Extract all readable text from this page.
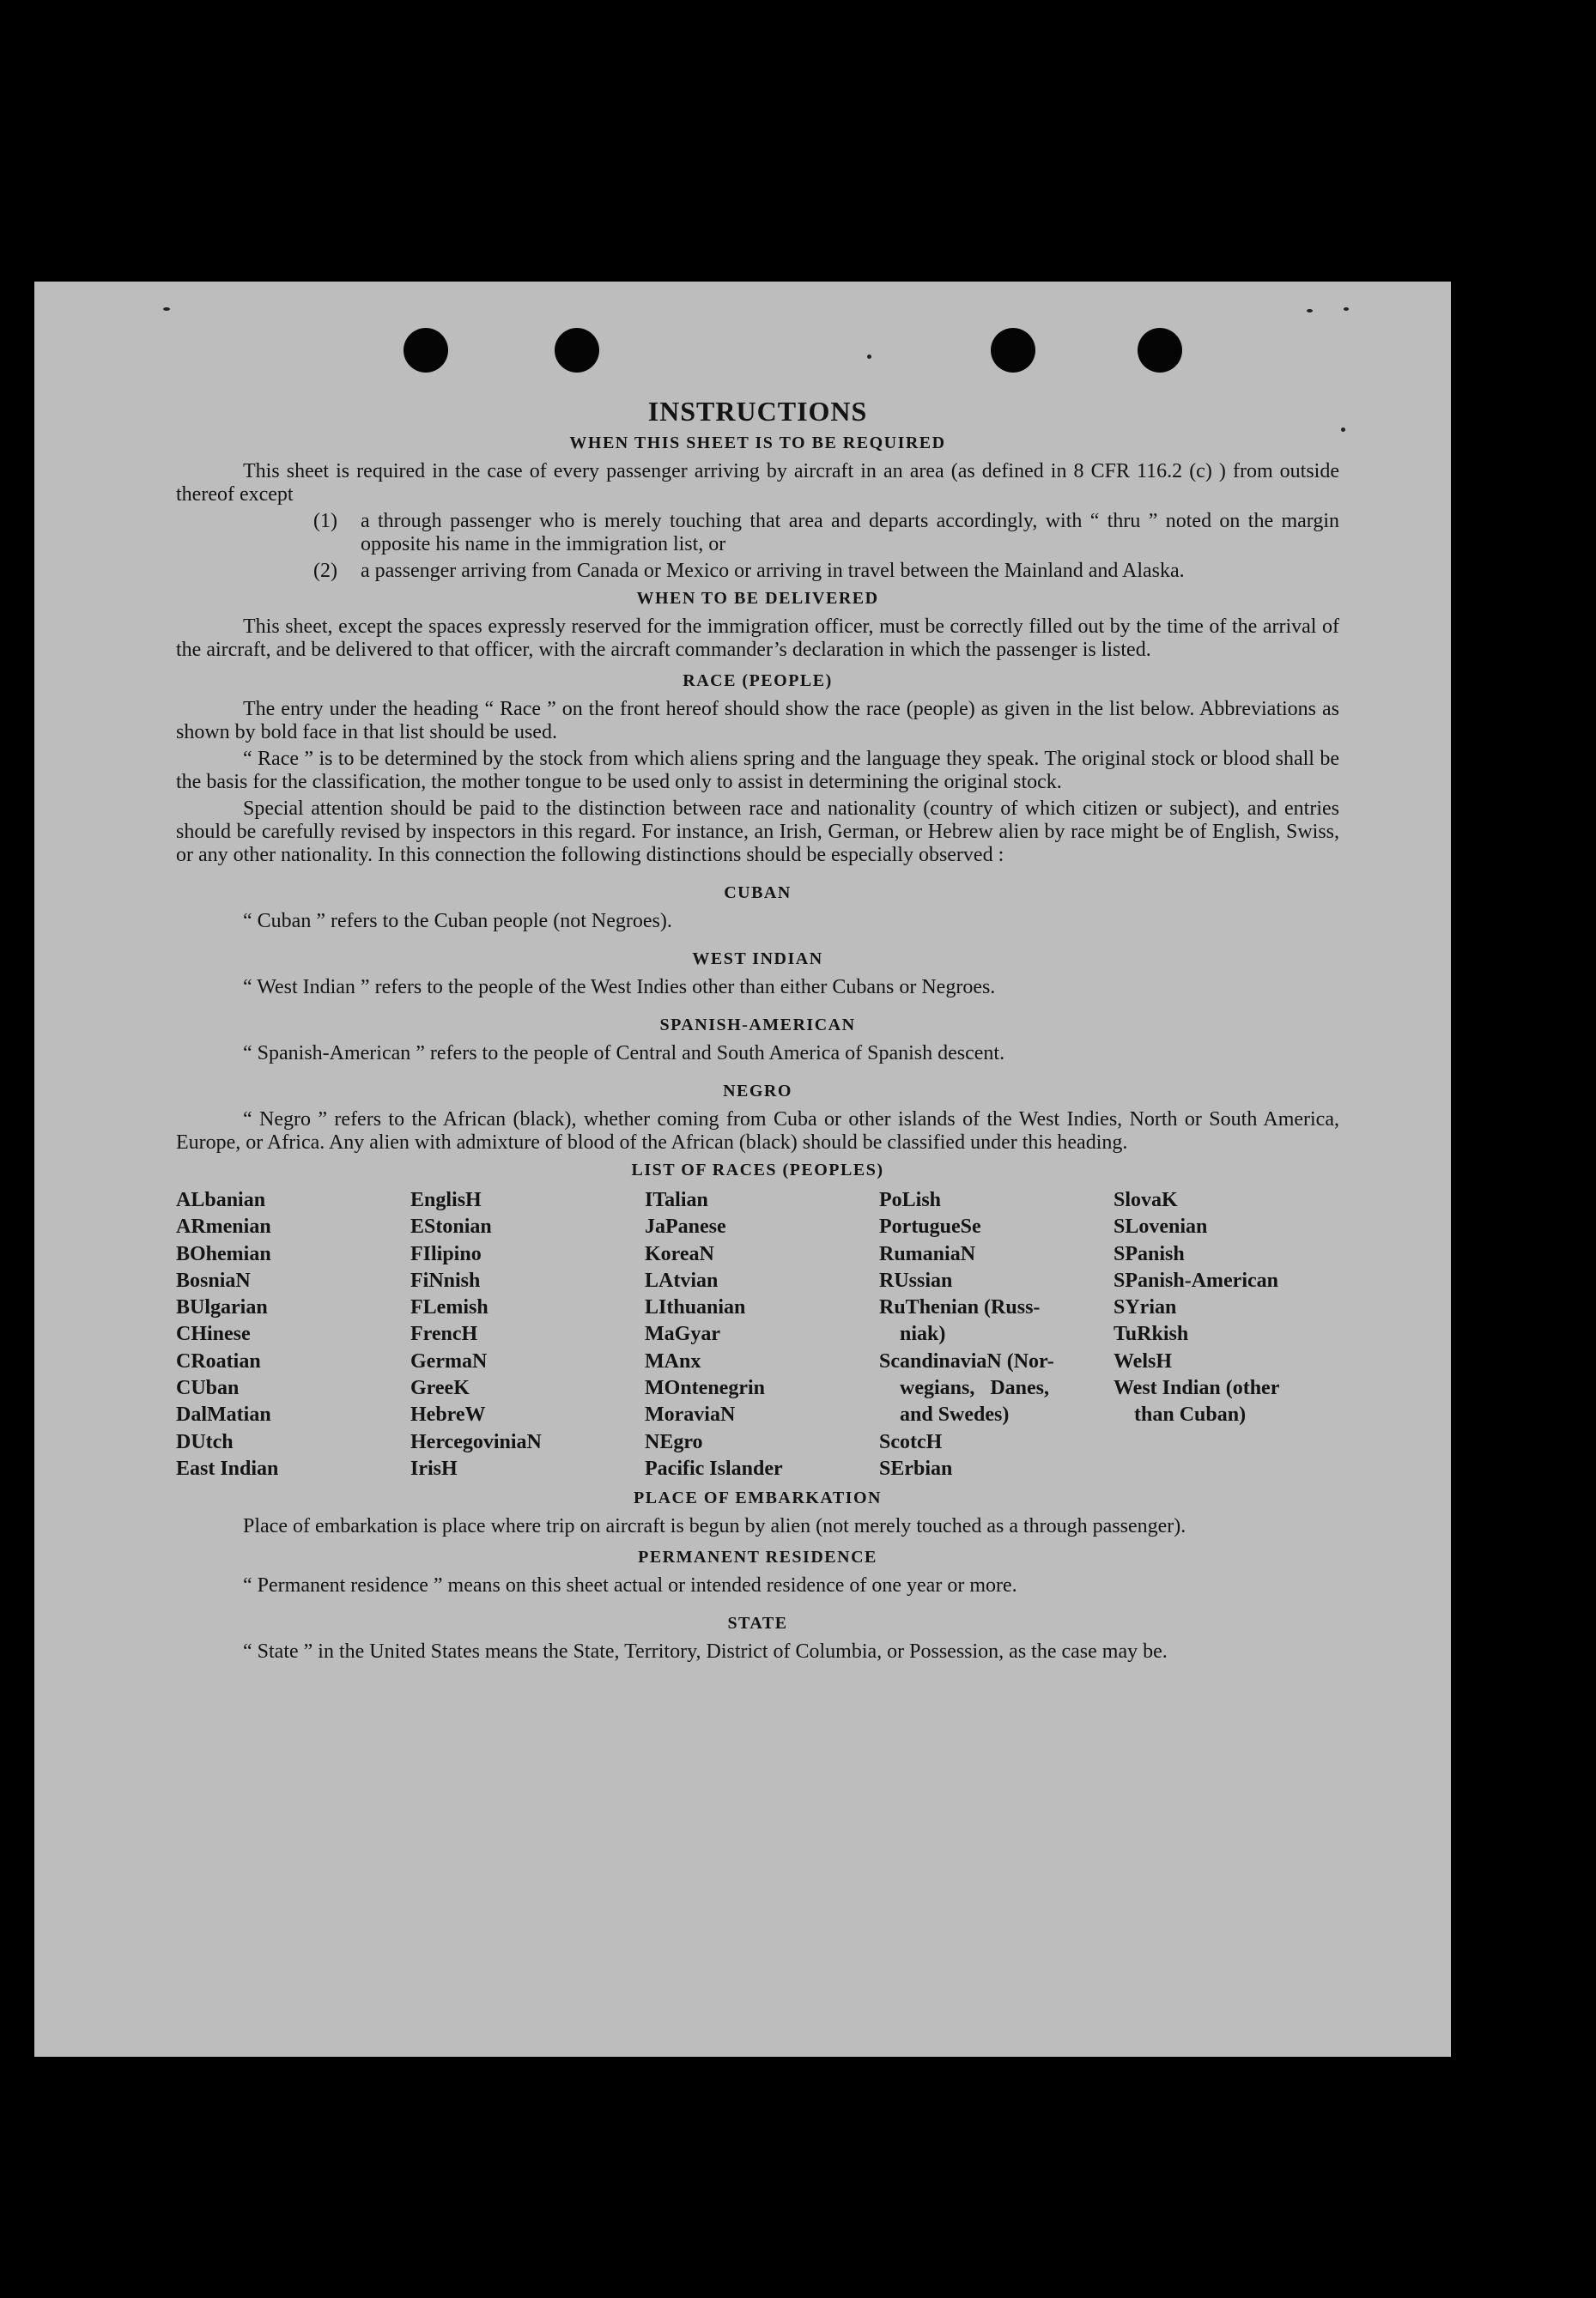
INSTRUCTIONS
WHEN THIS SHEET IS TO BE REQUIRED

This sheet is required in the case of every passenger arriving by aircraft in an area (as defined in 8 CFR 116.2 (c) ) from outside thereof except

(1)	a through passenger who is merely touching that area and departs accordingly, with “ thru ” noted on the margin opposite his name in the immigration list, or
(2)	a passenger arriving from Canada or Mexico or arriving in travel between the Mainland and Alaska.
WHEN TO BE DELIVERED

This sheet, except the spaces expressly reserved for the immigration officer, must be correctly filled out by the time of the arrival of the aircraft, and be delivered to that officer, with the aircraft commander’s declaration in which the passenger is listed.

RACE (PEOPLE)

The entry under the heading “ Race ” on the front hereof should show the race (people) as given in the list below. Abbreviations as shown by bold face in that list should be used.

“ Race ” is to be determined by the stock from which aliens spring and the language they speak. The original stock or blood shall be the basis for the classification, the mother tongue to be used only to assist in determining the original stock.

Special attention should be paid to the distinction between race and nationality (country of which citizen or subject), and entries should be carefully revised by inspectors in this regard. For instance, an Irish, German, or Hebrew alien by race might be of English, Swiss, or any other nationality. In this connection the following distinctions should be especially observed :

CUBAN

“ Cuban ” refers to the Cuban people (not Negroes).

WEST INDIAN

“ West Indian ” refers to the people of the West Indies other than either Cubans or Negroes.

SPANISH-AMERICAN

“ Spanish-American ” refers to the people of Central and South America of Spanish descent.

NEGRO

“ Negro ” refers to the African (black), whether coming from Cuba or other islands of the West Indies, North or South America, Europe, or Africa. Any alien with admixture of blood of the African (black) should be classified under this heading.

LIST OF RACES (PEOPLES)
ALbanian
ARmenian
BOhemian
BosniaN
BUlgarian
CHinese
CRoatian
CUban
DalMatian
DUtch
East Indian
EnglisH
EStonian
FIlipino
FiNnish
FLemish
FrencH
GermaN
GreeK
HebreW
HercegoviniaN
IrisH
ITalian
JaPanese
KoreaN
LAtvian
LIthuanian
MaGyar
MAnx
MOntenegrin
MoraviaN
NEgro
Pacific Islander
PoLish
PortugueSe
RumaniaN
RUssian
RuThenian (Russ-
niak)
ScandinaviaN (Nor-
wegians,   Danes,
and Swedes)
ScotcH
SErbian
SlovaK
SLovenian
SPanish
SPanish-American
SYrian
TuRkish
WelsH
West Indian (other
than Cuban)
PLACE OF EMBARKATION

Place of embarkation is place where trip on aircraft is begun by alien (not merely touched as a through passenger).

PERMANENT RESIDENCE

“ Permanent residence ” means on this sheet actual or intended residence of one year or more.

STATE

“ State ” in the United States means the State, Territory, District of Columbia, or Possession, as the case may be.
